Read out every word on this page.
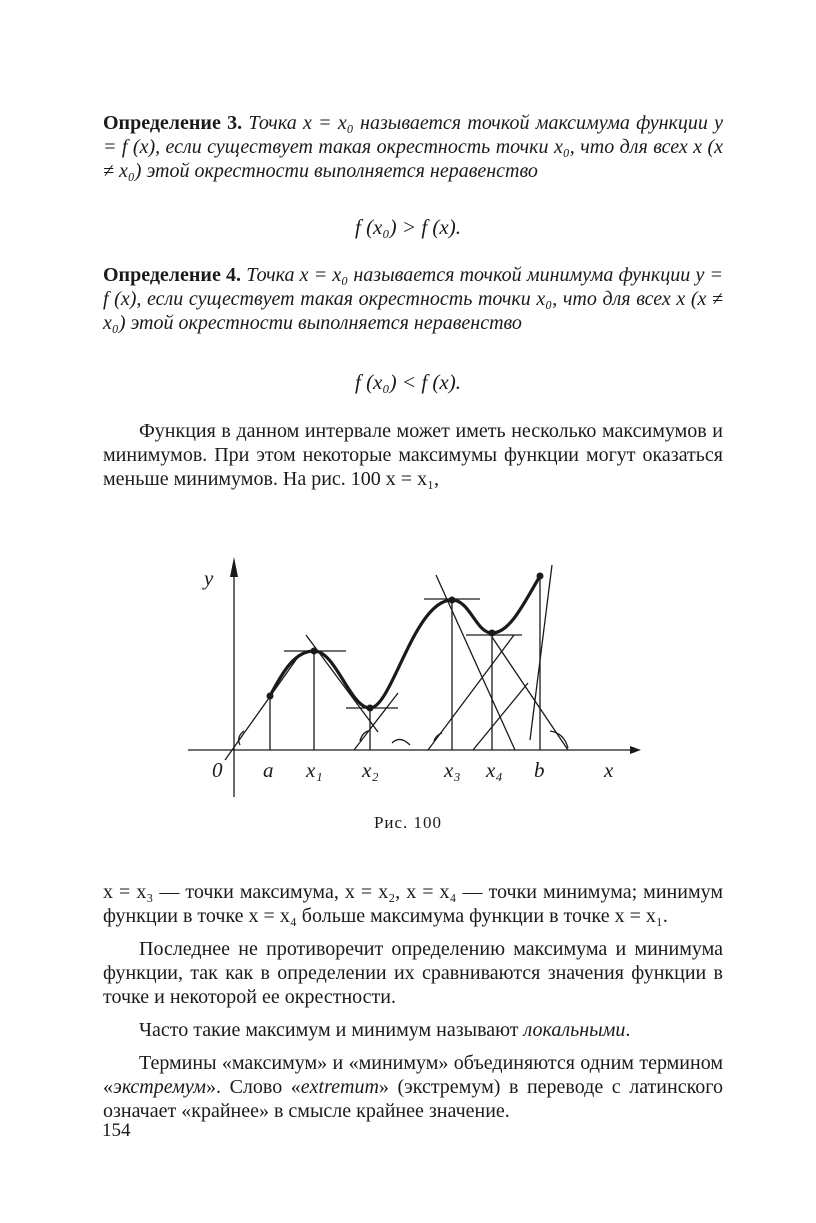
Определение 3. Точка x = x₀ называется точкой максимума функции y = f (x), если существует такая окрестность точки x₀, что для всех x (x ≠ x₀) этой окрестности выполняется неравенство
f (x₀) > f (x).
Определение 4. Точка x = x₀ называется точкой минимума функции y = f (x), если существует такая окрестность точки x₀, что для всех x (x ≠ x₀) этой окрестности выполняется неравенство
f (x₀) < f (x).

Функция в данном интервале может иметь несколько максимумов и минимумов. При этом некоторые максимумы функции могут оказаться меньше минимумов. На рис. 100 x = x₁,

y
0 a x₁ x₂	x₃ x₄ b	x
Рис. 100

x = x₃ — точки максимума, x = x₂, x = x₄ — точки минимума; минимум функции в точке x = x₄ больше максимума функции в точке x = x₁.

Последнее не противоречит определению максимума и минимума функции, так как в определении их сравниваются значения функции в точке и некоторой ее окрестности.

Часто такие максимум и минимум называют локальными.

Термины «максимум» и «минимум» объединяются одним термином «экстремум». Слово «extremum» (экстремум) в переводе с латинского означает «крайнее» в смысле крайнее значение.

154
